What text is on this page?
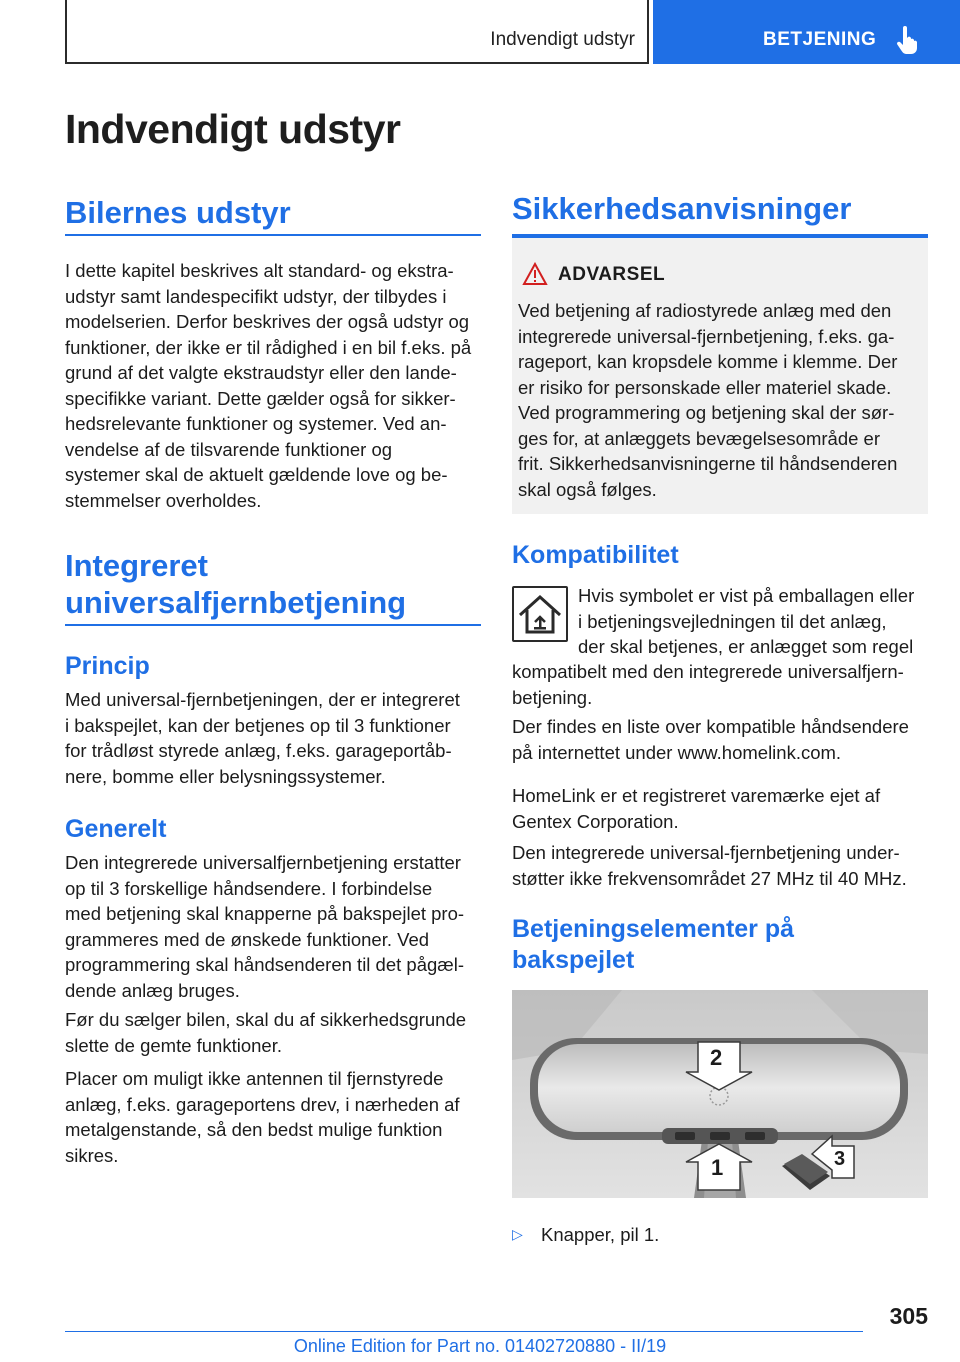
Indvendigt udstyr	BETJENING
Indvendigt udstyr
Bilernes udstyr
I dette kapitel beskrives alt standard- og ekstra-
udstyr samt landespecifikt udstyr, der tilbydes i
modelserien. Derfor beskrives der også udstyr og
funktioner, der ikke er til rådighed i en bil f.eks. på
grund af det valgte ekstraudstyr eller den lande-
specifikke variant. Dette gælder også for sikker-
hedsrelevante funktioner og systemer. Ved an-
vendelse af de tilsvarende funktioner og
systemer skal de aktuelt gældende love og be-
stemmelser overholdes.
Integreret
universalfjernbetjening
Princip
Med universal-fjernbetjeningen, der er integreret
i bakspejlet, kan der betjenes op til 3 funktioner
for trådløst styrede anlæg, f.eks. garageportåb-
nere, bomme eller belysningssystemer.
Generelt
Den integrerede universalfjernbetjening erstatter
op til 3 forskellige håndsendere. I forbindelse
med betjening skal knapperne på bakspejlet pro-
grammeres med de ønskede funktioner. Ved
programmering skal håndsenderen til det pågæl-
dende anlæg bruges.
Før du sælger bilen, skal du af sikkerhedsgrunde
slette de gemte funktioner.
Placer om muligt ikke antennen til fjernstyrede
anlæg, f.eks. garageportens drev, i nærheden af
metalgenstande, så den bedst mulige funktion
sikres.
Sikkerhedsanvisninger
ADVARSEL
Ved betjening af radiostyrede anlæg med den
integrerede universal-fjernbetjening, f.eks. ga-
rageport, kan kropsdele komme i klemme. Der
er risiko for personskade eller materiel skade.
Ved programmering og betjening skal der sør-
ges for, at anlæggets bevægelsesområde er
frit. Sikkerhedsanvisningerne til håndsenderen
skal også følges.
Kompatibilitet
Hvis symbolet er vist på emballagen eller
i betjeningsvejledningen til det anlæg,
der skal betjenes, er anlægget som regel
kompatibelt med den integrerede universalfjern-
betjening.
Der findes en liste over kompatible håndsendere
på internettet under www.homelink.com.
HomeLink er et registreret varemærke ejet af
Gentex Corporation.
Den integrerede universal-fjernbetjening under-
støtter ikke frekvensområdet 27 MHz til 40 MHz.
Betjeningselementer på
bakspejlet
2
1	3
▷ Knapper, pil 1.
305
Online Edition for Part no. 01402720880 - II/19
